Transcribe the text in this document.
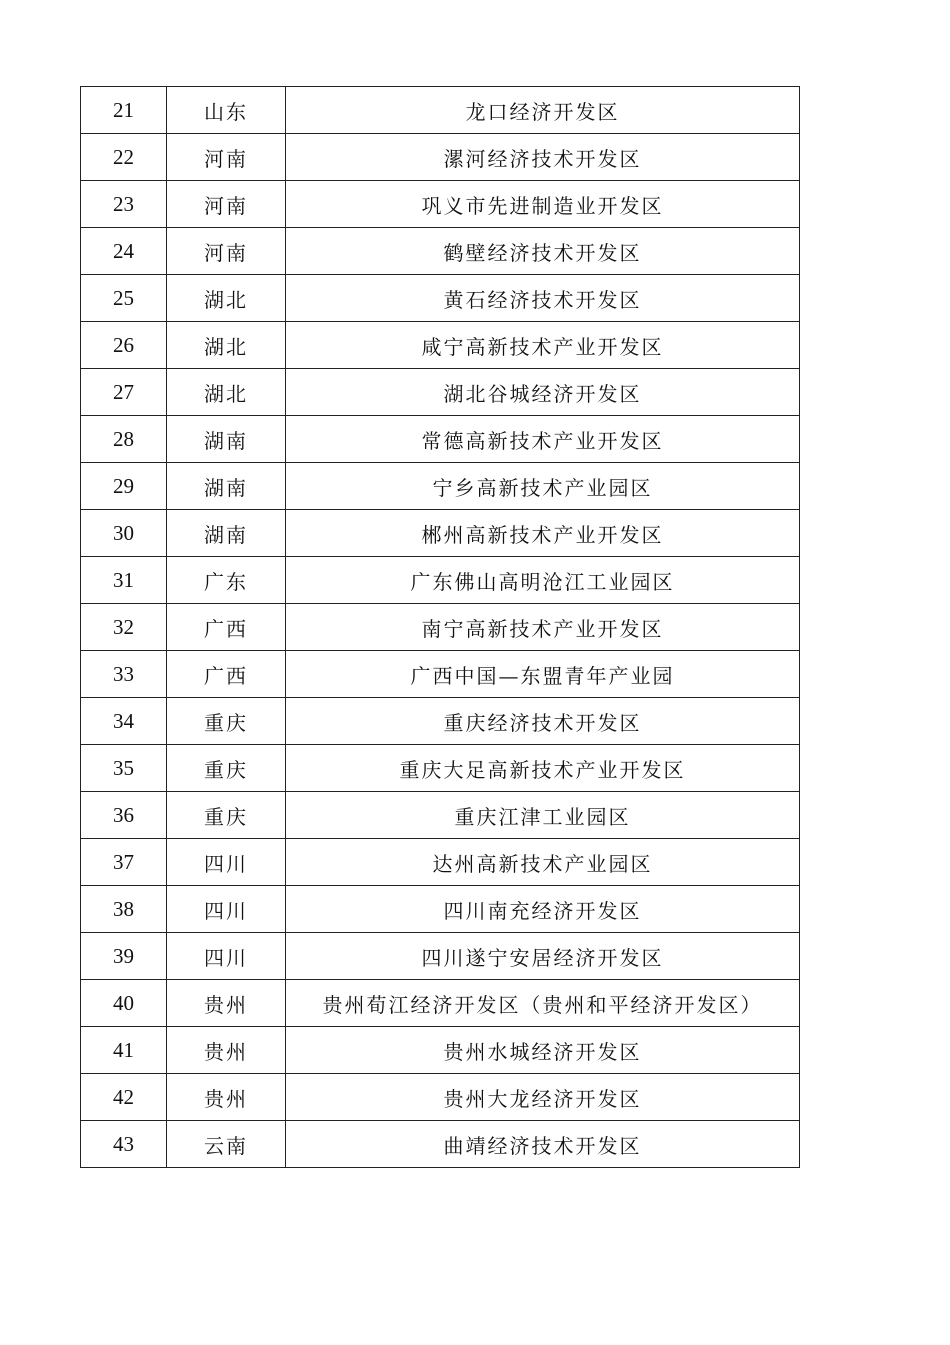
21	山东	龙口经济开发区
22	河南	漯河经济技术开发区
23	河南	巩义市先进制造业开发区
24	河南	鹤壁经济技术开发区
25	湖北	黄石经济技术开发区
26	湖北	咸宁高新技术产业开发区
27	湖北	湖北谷城经济开发区
28	湖南	常德高新技术产业开发区
29	湖南	宁乡高新技术产业园区
30	湖南	郴州高新技术产业开发区
31	广东	广东佛山高明沧江工业园区
32	广西	南宁高新技术产业开发区
33	广西	广西中国—东盟青年产业园
34	重庆	重庆经济技术开发区
35	重庆	重庆大足高新技术产业开发区
36	重庆	重庆江津工业园区
37	四川	达州高新技术产业园区
38	四川	四川南充经济开发区
39	四川	四川遂宁安居经济开发区
40	贵州	贵州荀江经济开发区（贵州和平经济开发区）
41	贵州	贵州水城经济开发区
42	贵州	贵州大龙经济开发区
43	云南	曲靖经济技术开发区
